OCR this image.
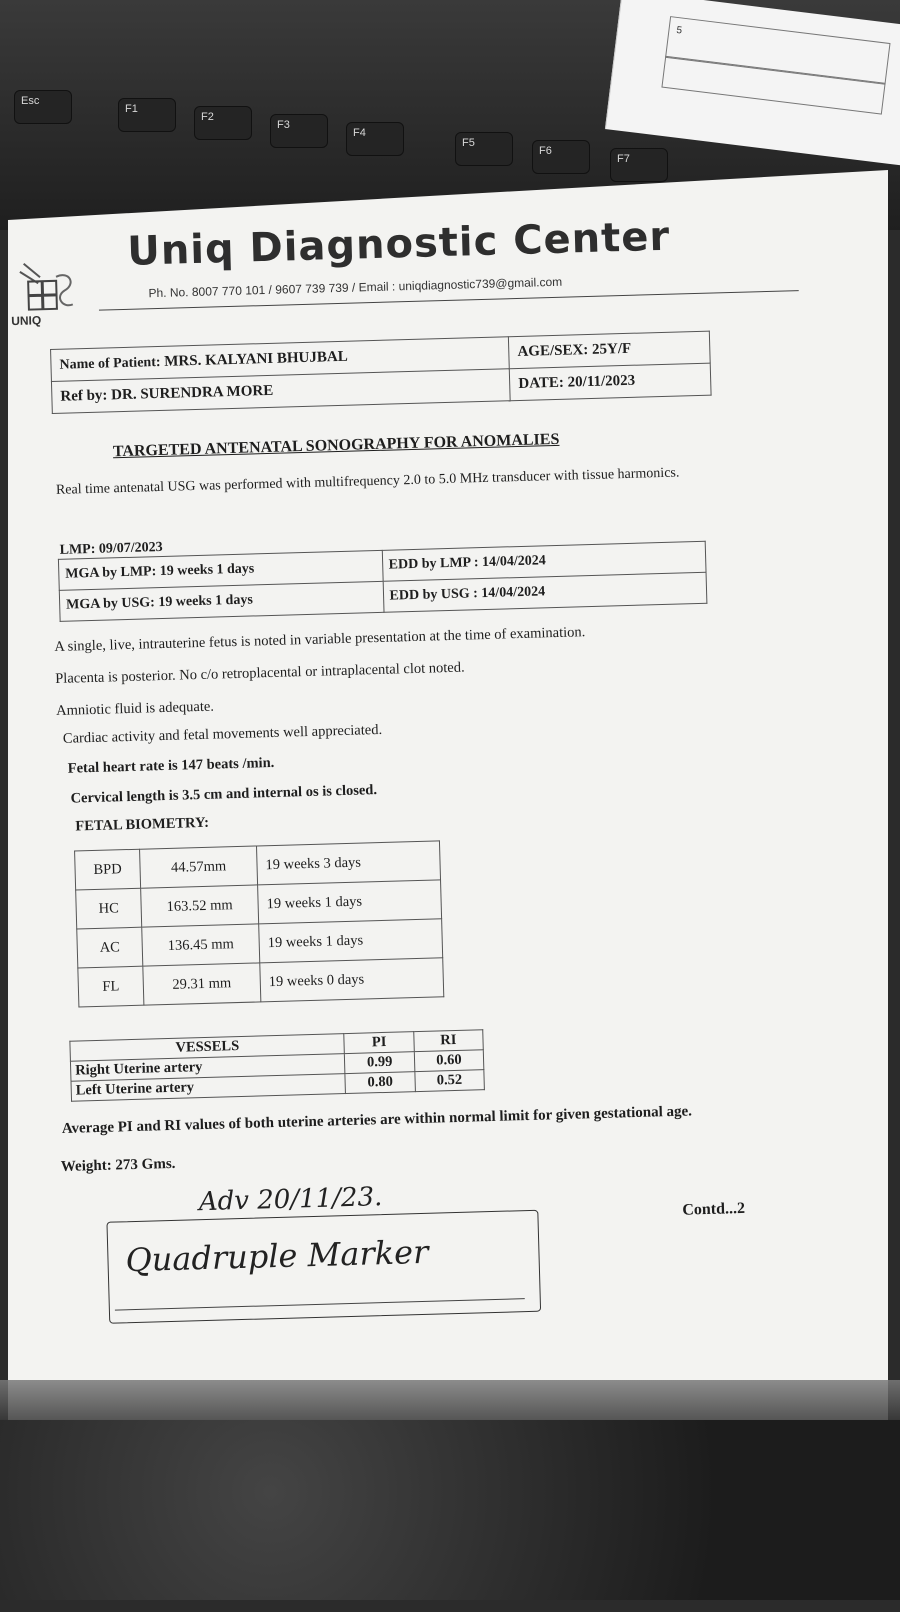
Esc
F1
F2
F3
F4
F5
F6
F7
5
UNIQ
Uniq Diagnostic Center
Ph. No. 8007 770 101 / 9607 739 739 / Email : uniqdiagnostic739@gmail.com
Name of Patient: MRS. KALYANI BHUJBAL	AGE/SEX: 25Y/F
Ref by: DR. SURENDRA MORE	DATE: 20/11/2023
TARGETED ANTENATAL SONOGRAPHY FOR ANOMALIES
Real time antenatal USG was performed with multifrequency 2.0 to 5.0 MHz transducer with tissue harmonics.
LMP: 09/07/2023
MGA by LMP: 19 weeks 1 days	EDD by LMP : 14/04/2024
MGA by USG: 19 weeks 1 days	EDD by USG : 14/04/2024
A single, live, intrauterine fetus is noted in variable presentation at the time of examination.
Placenta is posterior. No c/o retroplacental or intraplacental clot noted.
Amniotic fluid is adequate.
Cardiac activity and fetal movements well appreciated.
Fetal heart rate is 147 beats /min.
Cervical length is 3.5 cm and internal os is closed.
FETAL BIOMETRY:
BPD	44.57mm	19 weeks 3 days
HC	163.52 mm	19 weeks 1 days
AC	136.45 mm	19 weeks 1 days
FL	29.31 mm	19 weeks 0 days
VESSELS	PI	RI
Right Uterine artery	0.99	0.60
Left Uterine artery	0.80	0.52
Average PI and RI values of both uterine arteries are within normal limit for given gestational age.
Weight: 273 Gms.
Contd...2
Adv 20/11/23.
Quadruple Marker
